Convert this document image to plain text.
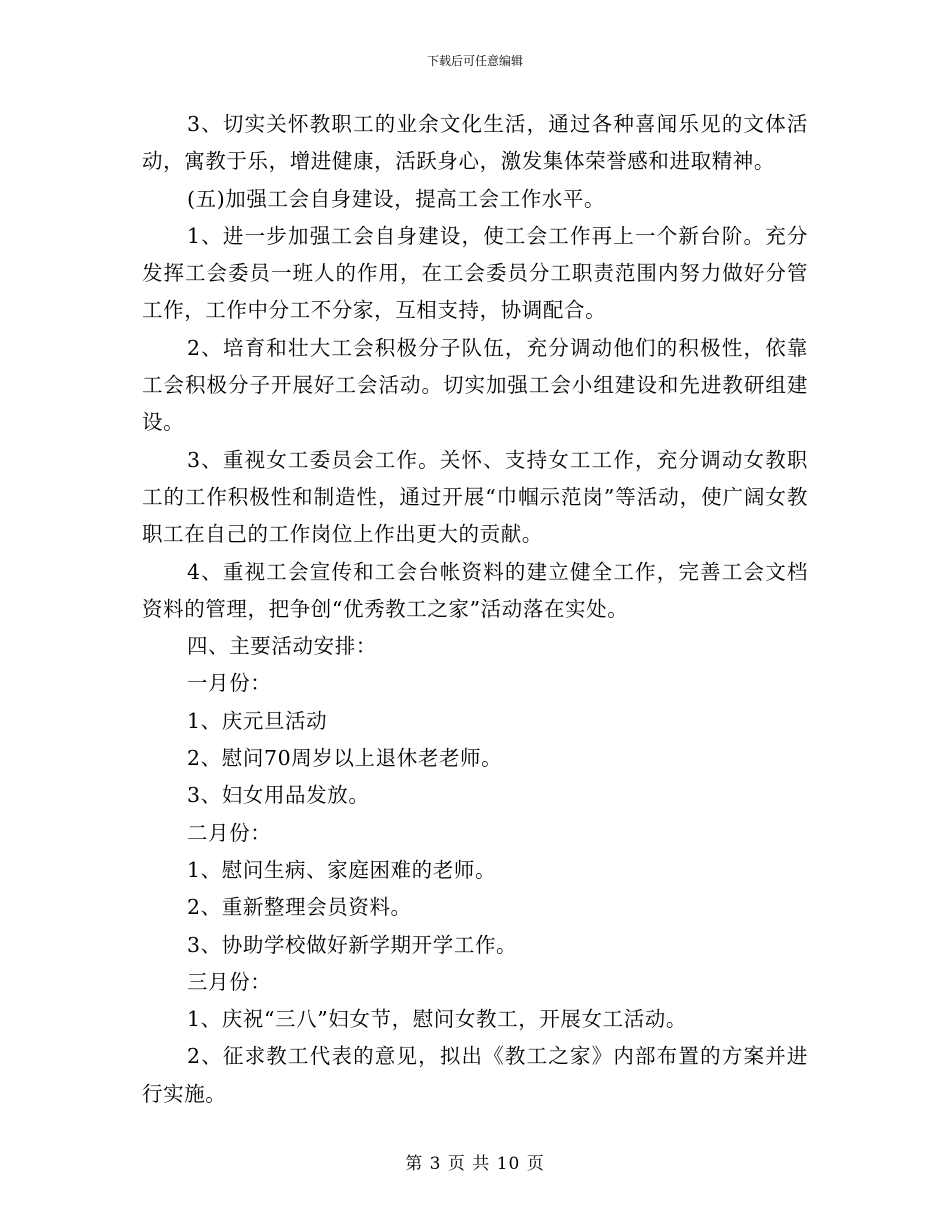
下载后可任意编辑

3、切实关怀教职工的业余文化生活，通过各种喜闻乐见的文体活动，寓教于乐，增进健康，活跃身心，激发集体荣誉感和进取精神。

(五)加强工会自身建设，提高工会工作水平。

1、进一步加强工会自身建设，使工会工作再上一个新台阶。充分发挥工会委员一班人的作用，在工会委员分工职责范围内努力做好分管工作，工作中分工不分家，互相支持，协调配合。

2、培育和壮大工会积极分子队伍，充分调动他们的积极性，依靠工会积极分子开展好工会活动。切实加强工会小组建设和先进教研组建设。

3、重视女工委员会工作。关怀、支持女工工作，充分调动女教职工的工作积极性和制造性，通过开展“巾帼示范岗”等活动，使广阔女教职工在自己的工作岗位上作出更大的贡献。

4、重视工会宣传和工会台帐资料的建立健全工作，完善工会文档资料的管理，把争创“优秀教工之家”活动落在实处。

四、主要活动安排：

一月份：

1、庆元旦活动

2、慰问70周岁以上退休老老师。

3、妇女用品发放。

二月份：

1、慰问生病、家庭困难的老师。

2、重新整理会员资料。

3、协助学校做好新学期开学工作。

三月份：

1、庆祝“三八”妇女节，慰问女教工，开展女工活动。

2、征求教工代表的意见，拟出《教工之家》内部布置的方案并进行实施。

第 3 页 共 10 页
